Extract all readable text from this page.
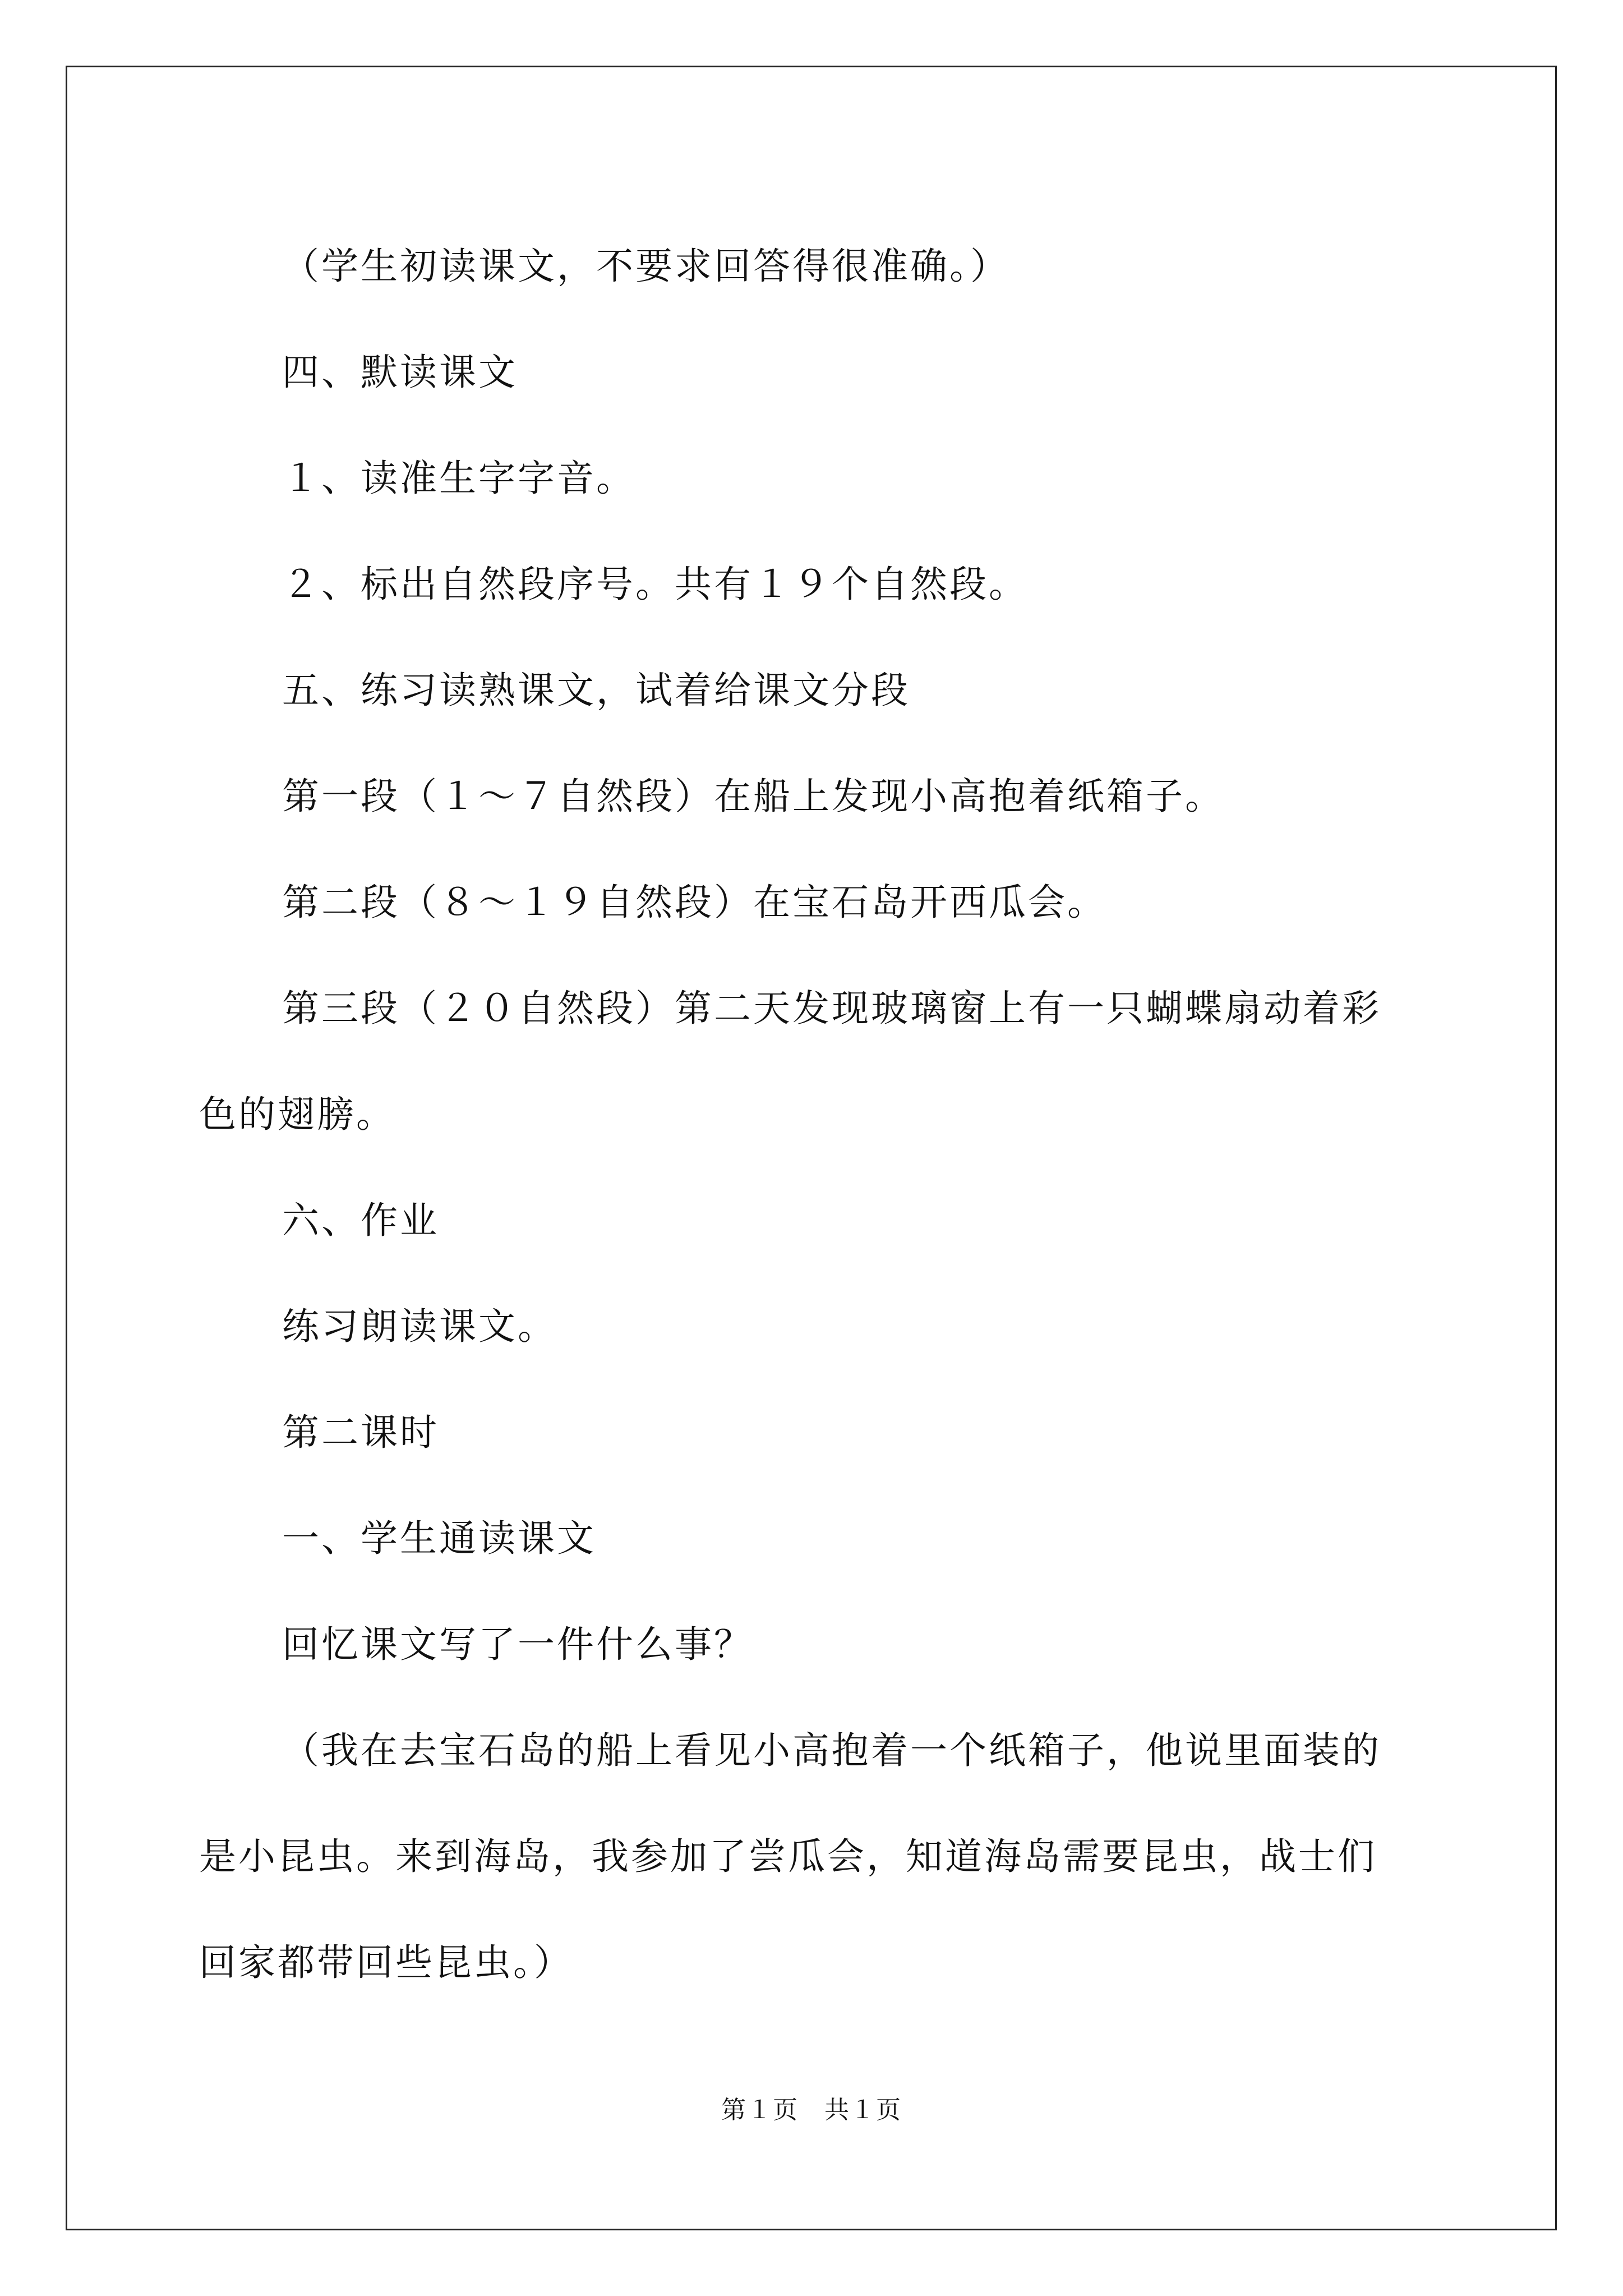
（学生初读课文，不要求回答得很准确。）

四、默读课文

１、读准生字字音。

２、标出自然段序号。共有１９个自然段。

五、练习读熟课文，试着给课文分段

第一段（１～７自然段）在船上发现小高抱着纸箱子。

第二段（８～１９自然段）在宝石岛开西瓜会。

第三段（２０自然段）第二天发现玻璃窗上有一只蝴蝶扇动着彩

色的翅膀。

六、作业

练习朗读课文。

第二课时

一、学生通读课文

回忆课文写了一件什么事？

（我在去宝石岛的船上看见小高抱着一个纸箱子，他说里面装的

是小昆虫。来到海岛，我参加了尝瓜会，知道海岛需要昆虫，战士们

回家都带回些昆虫。）

第１页　共１页
